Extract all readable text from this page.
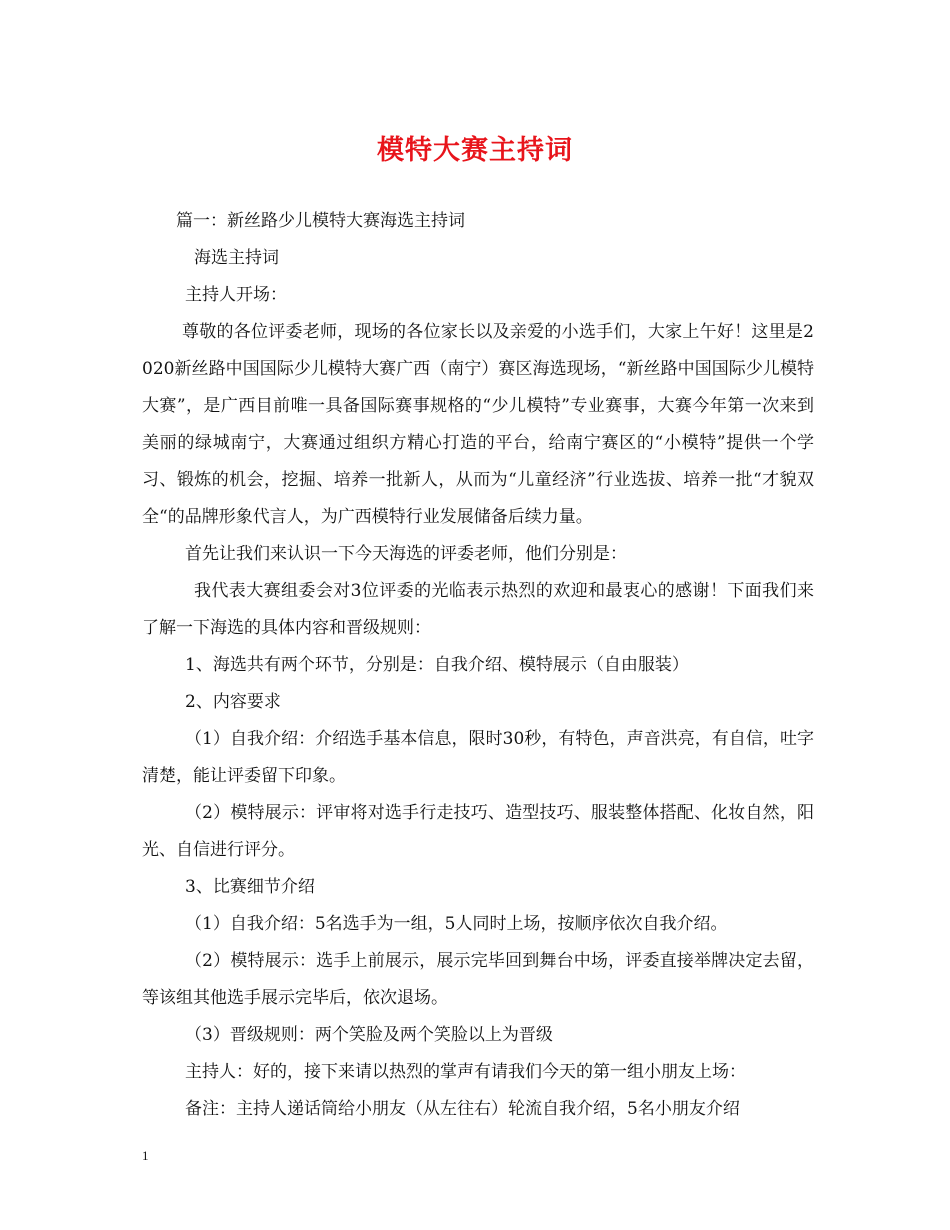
模特大赛主持词

篇一：新丝路少儿模特大赛海选主持词

海选主持词

主持人开场：

尊敬的各位评委老师，现场的各位家长以及亲爱的小选手们，大家上午好！这里是2020新丝路中国国际少儿模特大赛广西（南宁）赛区海选现场，“新丝路中国国际少儿模特大赛”，是广西目前唯一具备国际赛事规格的“少儿模特”专业赛事，大赛今年第一次来到美丽的绿城南宁，大赛通过组织方精心打造的平台，给南宁赛区的“小模特”提供一个学习、锻炼的机会，挖掘、培养一批新人，从而为“儿童经济”行业选拔、培养一批“才貌双全“的品牌形象代言人，为广西模特行业发展储备后续力量。

首先让我们来认识一下今天海选的评委老师，他们分别是：

我代表大赛组委会对3位评委的光临表示热烈的欢迎和最衷心的感谢！下面我们来了解一下海选的具体内容和晋级规则：

1、海选共有两个环节，分别是：自我介绍、模特展示（自由服装）

2、内容要求

（1）自我介绍：介绍选手基本信息，限时30秒，有特色，声音洪亮，有自信，吐字清楚，能让评委留下印象。

（2）模特展示：评审将对选手行走技巧、造型技巧、服装整体搭配、化妆自然，阳光、自信进行评分。

3、比赛细节介绍

（1）自我介绍：5名选手为一组，5人同时上场，按顺序依次自我介绍。

（2）模特展示：选手上前展示，展示完毕回到舞台中场，评委直接举牌决定去留，等该组其他选手展示完毕后，依次退场。

（3）晋级规则：两个笑脸及两个笑脸以上为晋级

主持人：好的，接下来请以热烈的掌声有请我们今天的第一组小朋友上场：

备注：主持人递话筒给小朋友（从左往右）轮流自我介绍，5名小朋友介绍

1
